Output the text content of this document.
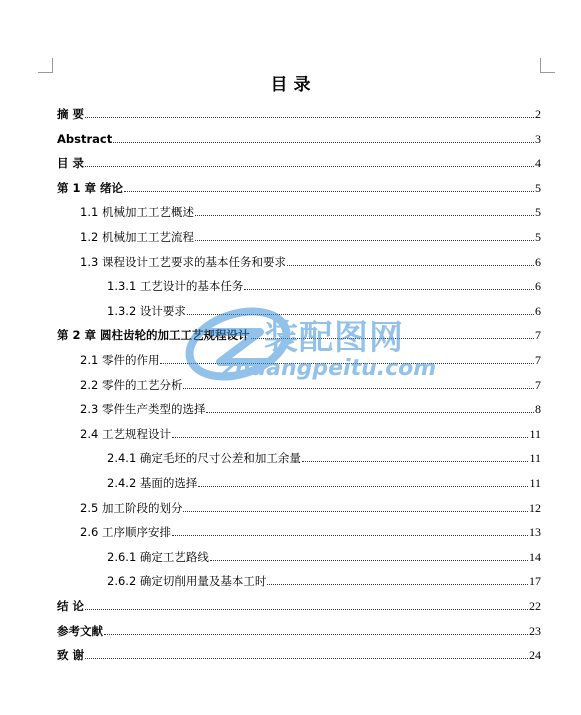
目 录
摘 要	2
Abstract	3
目 录	4
第 1 章 绪论	5
1.1 机械加工工艺概述	5
1.2 机械加工工艺流程	5
1.3 课程设计工艺要求的基本任务和要求	6
1.3.1 工艺设计的基本任务	6
1.3.2 设计要求	6
第 2 章 圆柱齿轮的加工工艺规程设计	7
2.1 零件的作用	7
2.2 零件的工艺分析	7
2.3 零件生产类型的选择	8
2.4 工艺规程设计	11
2.4.1 确定毛坯的尺寸公差和加工余量	11
2.4.2 基面的选择	11
2.5 加工阶段的划分	12
2.6 工序顺序安排	13
2.6.1 确定工艺路线	14
2.6.2 确定切削用量及基本工时	17
结 论	22
参考文献	23
致 谢	24
装配图网
zhuangpeitu.com
